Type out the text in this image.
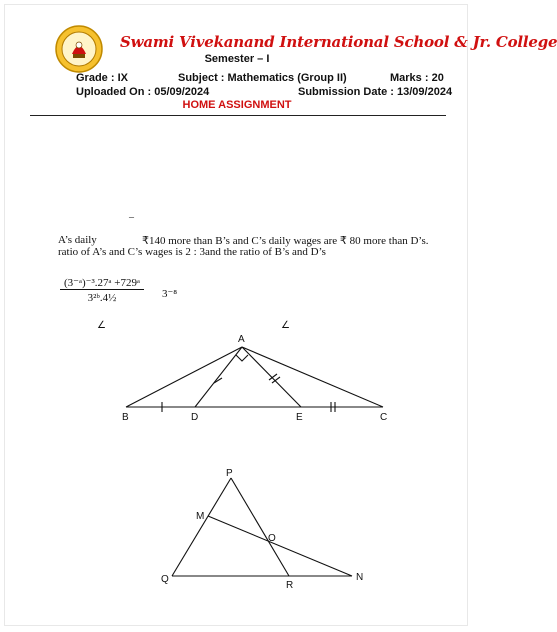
Swami Vivekanand International School & Jr. College
Semester – I
Grade : IX	Subject : Mathematics (Group II)	Marks : 20
Uploaded On : 05/09/2024	Submission Date : 13/09/2024
HOME ASSIGNMENT
–
A’s daily	₹140 more than B’s and C’s daily wages are ₹ 80 more than D’s.
ratio of A’s and C’s wages is 2 : 3and the ratio of B’s and D’s
$\frac{\text{(3⁻ᵃ)⁻³.27ᵃ +729ᵃ}}{\text{3²ᵇ.4½}} 3^{-8}$
∠	∠
A
B	D	E	C
P
M
O
Q
R
N
